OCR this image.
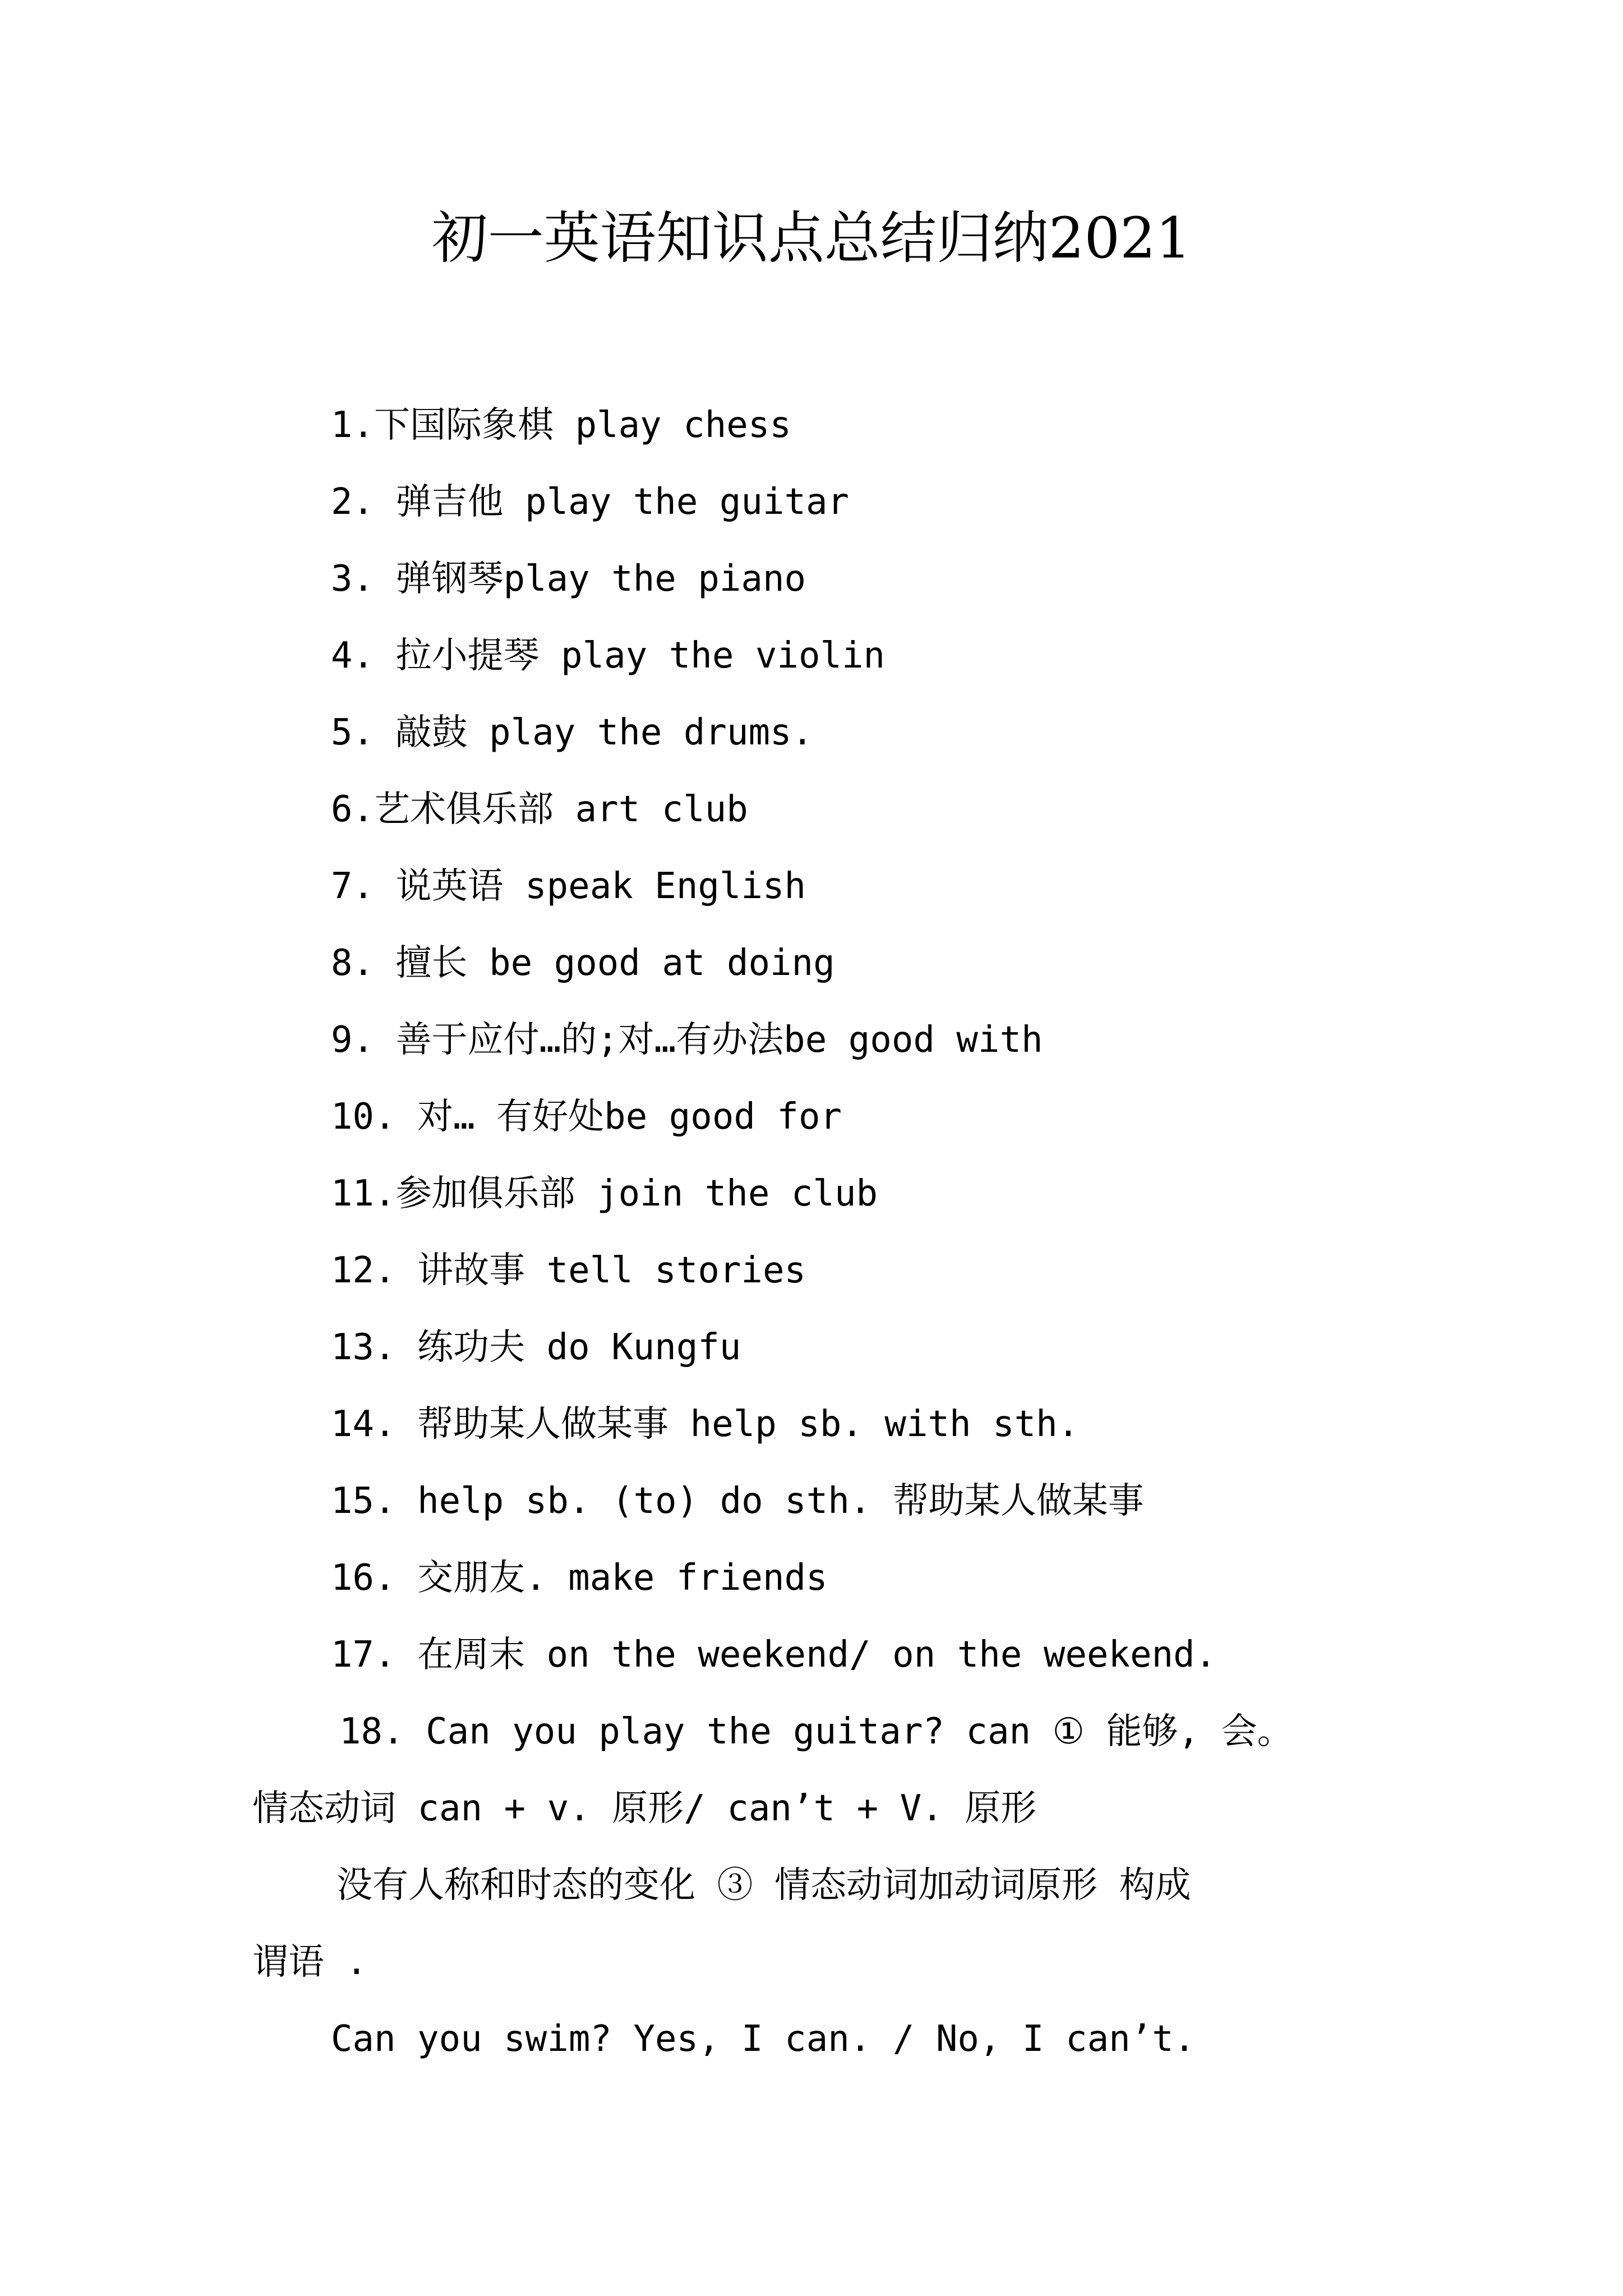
初一英语知识点总结归纳2021
1.下国际象棋 play chess
2. 弹吉他 play the guitar
3. 弹钢琴play the piano
4. 拉小提琴 play the violin
5. 敲鼓 play the drums.
6.艺术俱乐部 art club
7. 说英语 speak English
8. 擅长 be good at doing
9. 善于应付…的;对…有办法be good with
10. 对… 有好处be good for
11.参加俱乐部 join the club
12. 讲故事 tell stories
13. 练功夫 do Kungfu
14. 帮助某人做某事 help sb. with sth.
15. help sb. (to) do sth. 帮助某人做某事
16. 交朋友. make friends
17. 在周末 on the weekend/ on the weekend.
18. Can you play the guitar? can ① 能够, 会。
情态动词 can + v. 原形/ can’t + V. 原形
没有人称和时态的变化 ③ 情态动词加动词原形 构成
谓语 .
Can you swim? Yes, I can. / No, I can’t.
